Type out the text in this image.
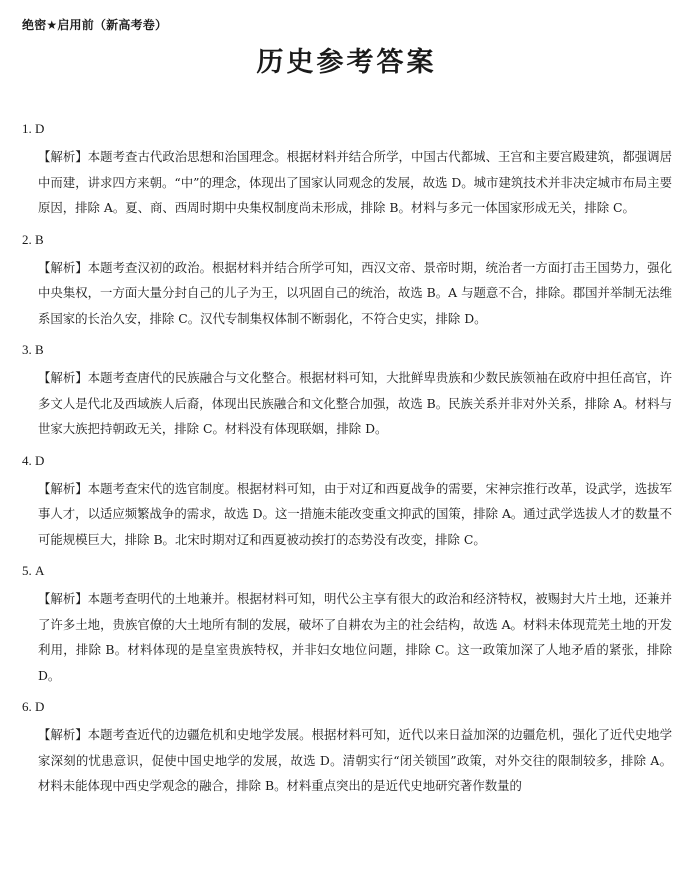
绝密★启用前（新高考卷）
历史参考答案
1. D
【解析】本题考查古代政治思想和治国理念。根据材料并结合所学，中国古代都城、王宫和主要宫殿建筑，都强调居中而建，讲求四方来朝。“中”的理念，体现出了国家认同观念的发展，故选 D。城市建筑技术并非决定城市布局主要原因，排除 A。夏、商、西周时期中央集权制度尚未形成，排除 B。材料与多元一体国家形成无关，排除 C。
2. B
【解析】本题考查汉初的政治。根据材料并结合所学可知，西汉文帝、景帝时期，统治者一方面打击王国势力，强化中央集权，一方面大量分封自己的儿子为王，以巩固自己的统治，故选 B。A 与题意不合，排除。郡国并举制无法维系国家的长治久安，排除 C。汉代专制集权体制不断弱化，不符合史实，排除 D。
3. B
【解析】本题考查唐代的民族融合与文化整合。根据材料可知，大批鲜卑贵族和少数民族领袖在政府中担任高官，许多文人是代北及西域族人后裔，体现出民族融合和文化整合加强，故选 B。民族关系并非对外关系，排除 A。材料与世家大族把持朝政无关，排除 C。材料没有体现联姻，排除 D。
4. D
【解析】本题考查宋代的选官制度。根据材料可知，由于对辽和西夏战争的需要，宋神宗推行改革，设武学，选拔军事人才，以适应频繁战争的需求，故选 D。这一措施未能改变重文抑武的国策，排除 A。通过武学选拔人才的数量不可能规模巨大，排除 B。北宋时期对辽和西夏被动挨打的态势没有改变，排除 C。
5. A
【解析】本题考查明代的土地兼并。根据材料可知，明代公主享有很大的政治和经济特权，被赐封大片土地，还兼并了许多土地，贵族官僚的大土地所有制的发展，破坏了自耕农为主的社会结构，故选 A。材料未体现荒芜土地的开发利用，排除 B。材料体现的是皇室贵族特权，并非妇女地位问题，排除 C。这一政策加深了人地矛盾的紧张，排除 D。
6. D
【解析】本题考查近代的边疆危机和史地学发展。根据材料可知，近代以来日益加深的边疆危机，强化了近代史地学家深刻的忧患意识，促使中国史地学的发展，故选 D。清朝实行“闭关锁国”政策，对外交往的限制较多，排除 A。材料未能体现中西史学观念的融合，排除 B。材料重点突出的是近代史地研究著作数量的
